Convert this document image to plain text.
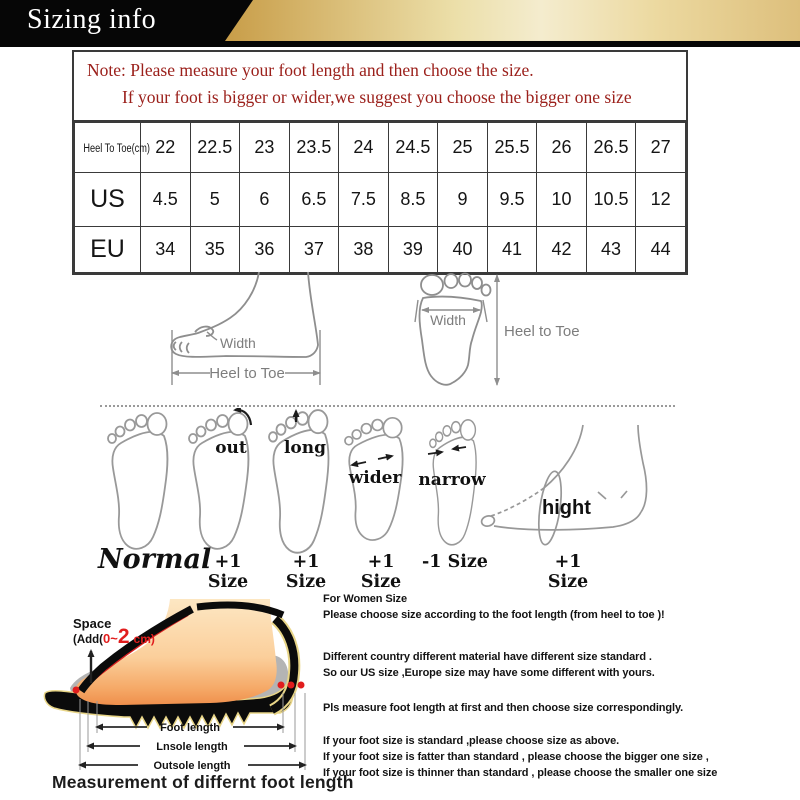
Sizing info
Note: Please measure your foot length and then choose the size.
If your foot is bigger or wider,we suggest you choose the bigger one size
Heel To Toe(cm)	22	22.5	23	23.5	24	24.5	25	25.5	26	26.5	27
US	4.5	5	6	6.5	7.5	8.5	9	9.5	10	10.5	12
EU	34	35	36	37	38	39	40	41	42	43	44
Width
Heel to Toe
Width
Heel to Toe
out long
wider narrow
hight
Normal +1 Size
+1 Size
+1 Size
-1 Size	+1 Size
Foot length
Lnsole length
Outsole length
Space
(Add(0~2 cm)
Measurement of differnt foot length
For Women Size
Please choose size according to the foot length (from heel to toe )!
Different country different material have different size standard .
So our US size ,Europe size may have some different with yours.
Pls measure foot length at first and then choose size correspondingly.
If your foot size is standard ,please choose size as above.
If your foot size is fatter than standard , please choose the bigger one size ,
If your foot size is thinner than standard , please choose the smaller one size
